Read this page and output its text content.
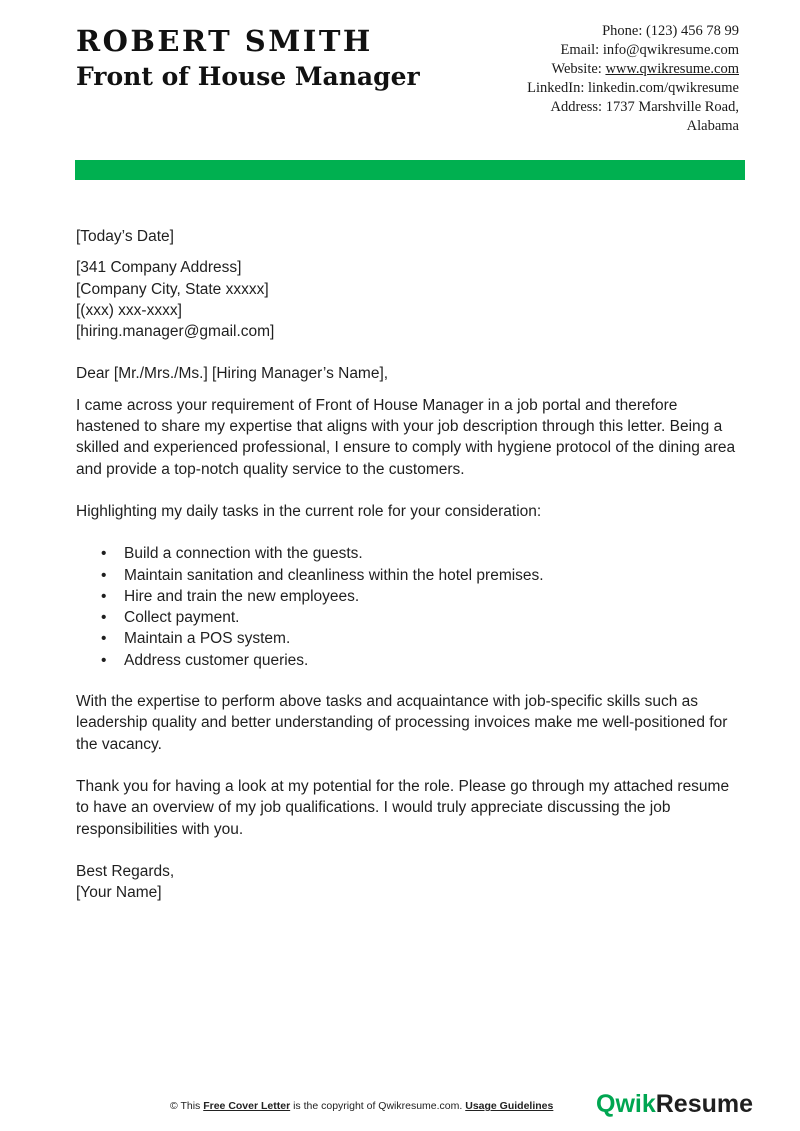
ROBERT SMITH
Front of House Manager
Phone: (123) 456 78 99
Email: info@qwikresume.com
Website: www.qwikresume.com
LinkedIn: linkedin.com/qwikresume
Address: 1737 Marshville Road,
Alabama

[Today’s Date]

[341 Company Address]

[Company City, State xxxxx]

[(xxx) xxx-xxxx]

[hiring.manager@gmail.com]

Dear [Mr./Mrs./Ms.] [Hiring Manager’s Name],

I came across your requirement of Front of House Manager in a job portal and therefore hastened to share my expertise that aligns with your job description through this letter. Being a skilled and experienced professional, I ensure to comply with hygiene protocol of the dining area and provide a top-notch quality service to the customers.

Highlighting my daily tasks in the current role for your consideration:

• Build a connection with the guests.
• Maintain sanitation and cleanliness within the hotel premises.
• Hire and train the new employees.
• Collect payment.
• Maintain a POS system.
• Address customer queries.

With the expertise to perform above tasks and acquaintance with job-specific skills such as leadership quality and better understanding of processing invoices make me well-positioned for the vacancy.

Thank you for having a look at my potential for the role. Please go through my attached resume to have an overview of my job qualifications. I would truly appreciate discussing the job responsibilities with you.

Best Regards,

[Your Name]

© This Free Cover Letter is the copyright of Qwikresume.com. Usage Guidelines QwikResume
